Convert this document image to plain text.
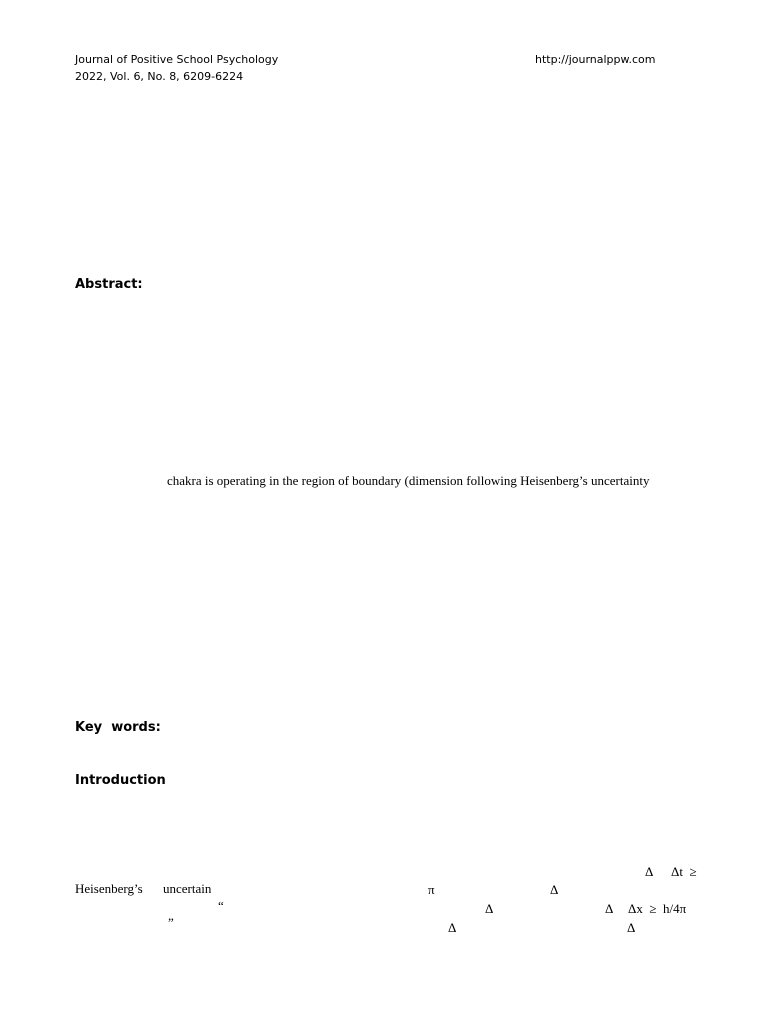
Journal of Positive School Psychology
2022, Vol. 6, No. 8, 6209-6224
http://journalppw.com
Abstract:
chakra is operating in the region of boundary (dimension following Heisenberg’s uncertainty
Key  words:
Introduction
Δ Δt  ≥
Heisenberg’s uncertain	π	Δ
“	Δ	Δ Δx  ≥  h/4π
”	Δ	Δ
